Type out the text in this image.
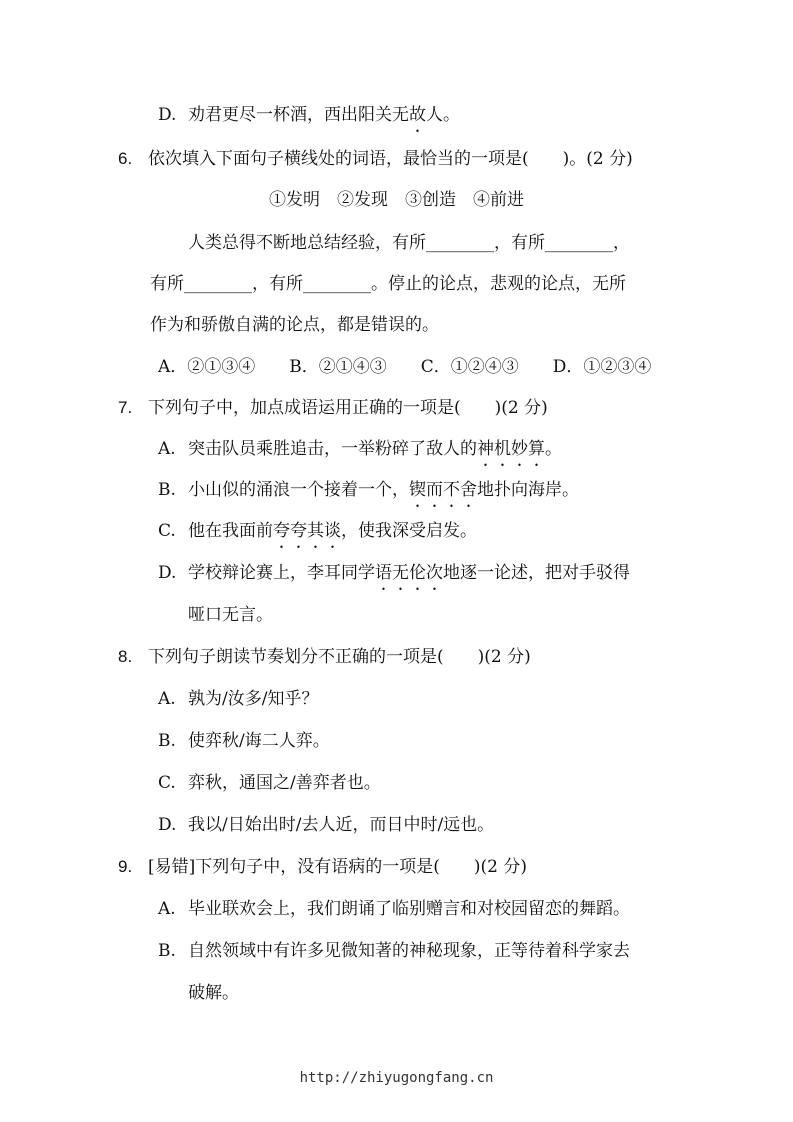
D. 劝君更尽一杯酒，西出阳关无故人。
6. 依次填入下面句子横线处的词语，最恰当的一项是(　　)。(2 分)
①发明　②发现　③创造　④前进
人类总得不断地总结经验，有所________，有所________，
有所________，有所________。停止的论点，悲观的论点，无所
作为和骄傲自满的论点，都是错误的。
A．②①③④　　B．②①④③　　C．①②④③　　D．①②③④
7. 下列句子中，加点成语运用正确的一项是(　　)(2 分)
A. 突击队员乘胜追击，一举粉碎了敌人的神机妙算。
B. 小山似的涌浪一个接着一个，锲而不舍地扑向海岸。
C. 他在我面前夸夸其谈，使我深受启发。
D. 学校辩论赛上，李耳同学语无伦次地逐一论述，把对手驳得
哑口无言。
8. 下列句子朗读节奏划分不正确的一项是(　　)(2 分)
A. 孰为/汝多/知乎？
B. 使弈秋/诲二人弈。
C. 弈秋，通国之/善弈者也。
D. 我以/日始出时/去人近，而日中时/远也。
9. [易错]下列句子中，没有语病的一项是(　　)(2 分)
A. 毕业联欢会上，我们朗诵了临别赠言和对校园留恋的舞蹈。
B. 自然领域中有许多见微知著的神秘现象，正等待着科学家去
破解。
http://zhiyugongfang.cn
